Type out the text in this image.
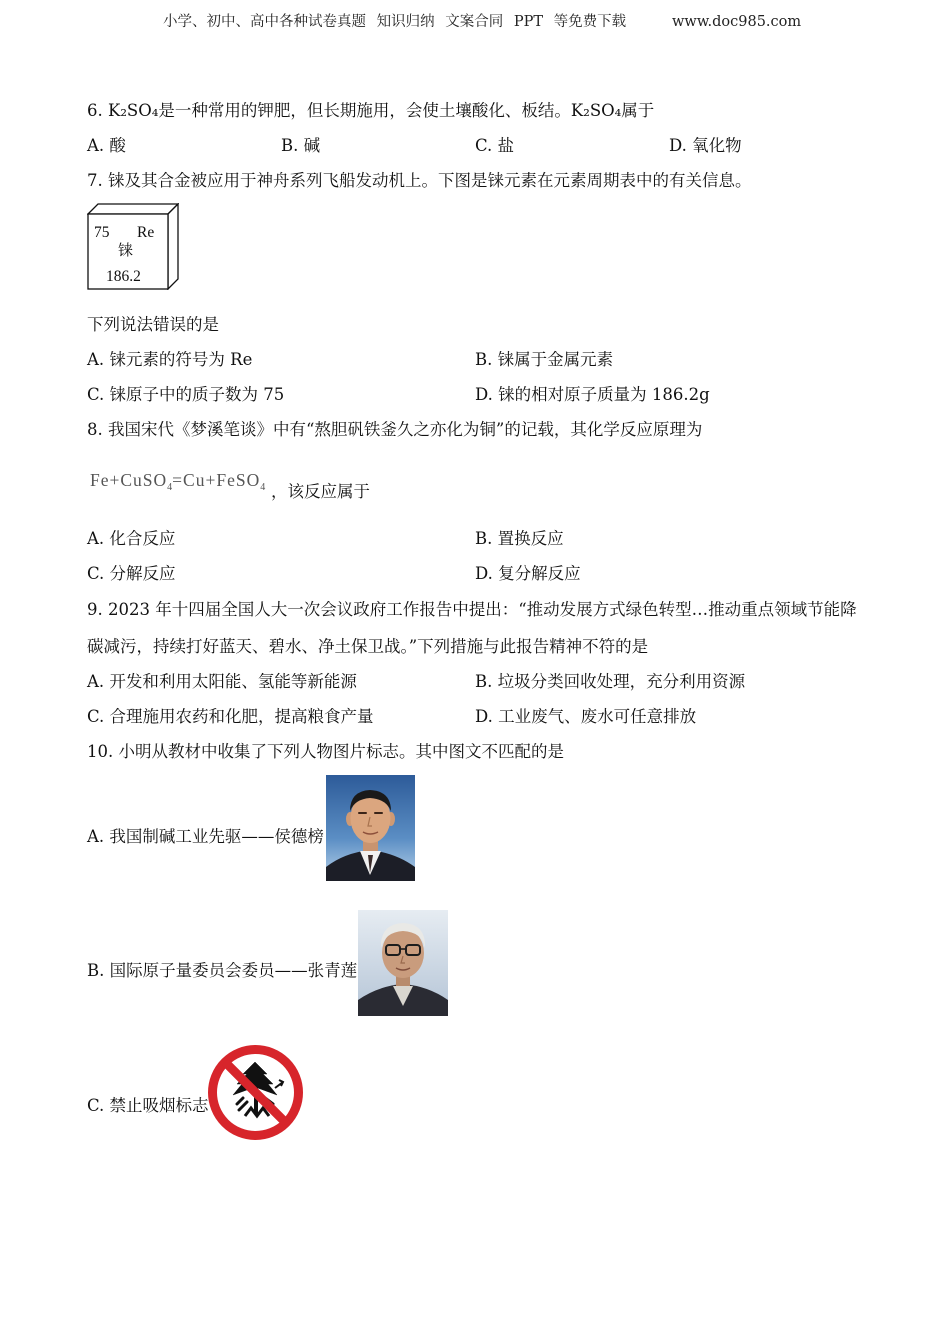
小学、初中、高中各种试卷真题 知识归纳 文案合同 PPT 等免费下载	www.doc985.com
6. K₂SO₄是一种常用的钾肥，但长期施用，会使土壤酸化、板结。K₂SO₄属于
A. 酸	B. 碱	C. 盐	D. 氧化物
7. 铼及其合金被应用于神舟系列飞船发动机上。下图是铼元素在元素周期表中的有关信息。
75 Re
铼
186.2
下列说法错误的是
A. 铼元素的符号为 Re	B. 铼属于金属元素
C. 铼原子中的质子数为 75	D. 铼的相对原子质量为 186.2g
8. 我国宋代《梦溪笔谈》中有“熬胆矾铁釜久之亦化为铜”的记载，其化学反应原理为
Fe+CuSO$_4$=Cu+FeSO$_4$ ，该反应属于
A. 化合反应	B. 置换反应
C. 分解反应	D. 复分解反应
9. 2023 年十四届全国人大一次会议政府工作报告中提出：“推动发展方式绿色转型…推动重点领域节能降
碳减污，持续打好蓝天、碧水、净土保卫战。”下列措施与此报告精神不符的是
A. 开发和利用太阳能、氢能等新能源	B. 垃圾分类回收处理，充分利用资源
C. 合理施用农药和化肥，提高粮食产量	D. 工业废气、废水可任意排放
10. 小明从教材中收集了下列人物图片标志。其中图文不匹配的是
A. 我国制碱工业先驱——侯德榜
B. 国际原子量委员会委员——张青莲
C. 禁止吸烟标志
